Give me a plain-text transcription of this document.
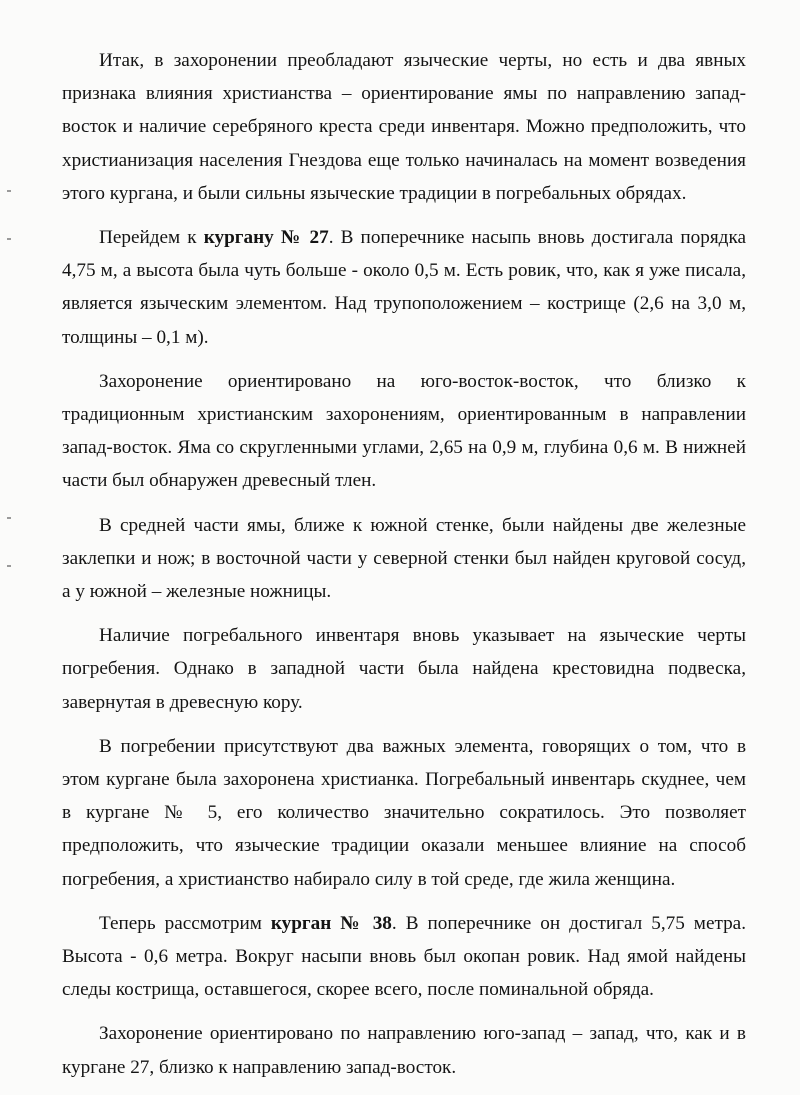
Итак, в захоронении преобладают языческие черты, но есть и два явных признака влияния христианства – ориентирование ямы по направлению запад-восток и наличие серебряного креста среди инвентаря. Можно предположить, что христианизация населения Гнездова еще только начиналась на момент возведения этого кургана, и были сильны языческие традиции в погребальных обрядах.

Перейдем к кургану № 27. В поперечнике насыпь вновь достигала порядка 4,75 м, а высота была чуть больше - около 0,5 м. Есть ровик, что, как я уже писала, является языческим элементом. Над трупоположением – кострище (2,6 на 3,0 м, толщины – 0,1 м).

Захоронение ориентировано на юго-восток-восток, что близко к традиционным христианским захоронениям, ориентированным в направлении запад-восток. Яма со скругленными углами, 2,65 на 0,9 м, глубина 0,6 м. В нижней части был обнаружен древесный тлен.

В средней части ямы, ближе к южной стенке, были найдены две железные заклепки и нож; в восточной части у северной стенки был найден круговой сосуд, а у южной – железные ножницы.

Наличие погребального инвентаря вновь указывает на языческие черты погребения. Однако в западной части была найдена крестовидна подвеска, завернутая в древесную кору.

В погребении присутствуют два важных элемента, говорящих о том, что в этом кургане была захоронена христианка. Погребальный инвентарь скуднее, чем в кургане № 5, его количество значительно сократилось. Это позволяет предположить, что языческие традиции оказали меньшее влияние на способ погребения, а христианство набирало силу в той среде, где жила женщина.

Теперь рассмотрим курган № 38. В поперечнике он достигал 5,75 метра. Высота - 0,6 метра. Вокруг насыпи вновь был окопан ровик. Над ямой найдены следы кострища, оставшегося, скорее всего, после поминальной обряда.

Захоронение ориентировано по направлению юго-запад – запад, что, как и в кургане 27, близко к направлению запад-восток.
